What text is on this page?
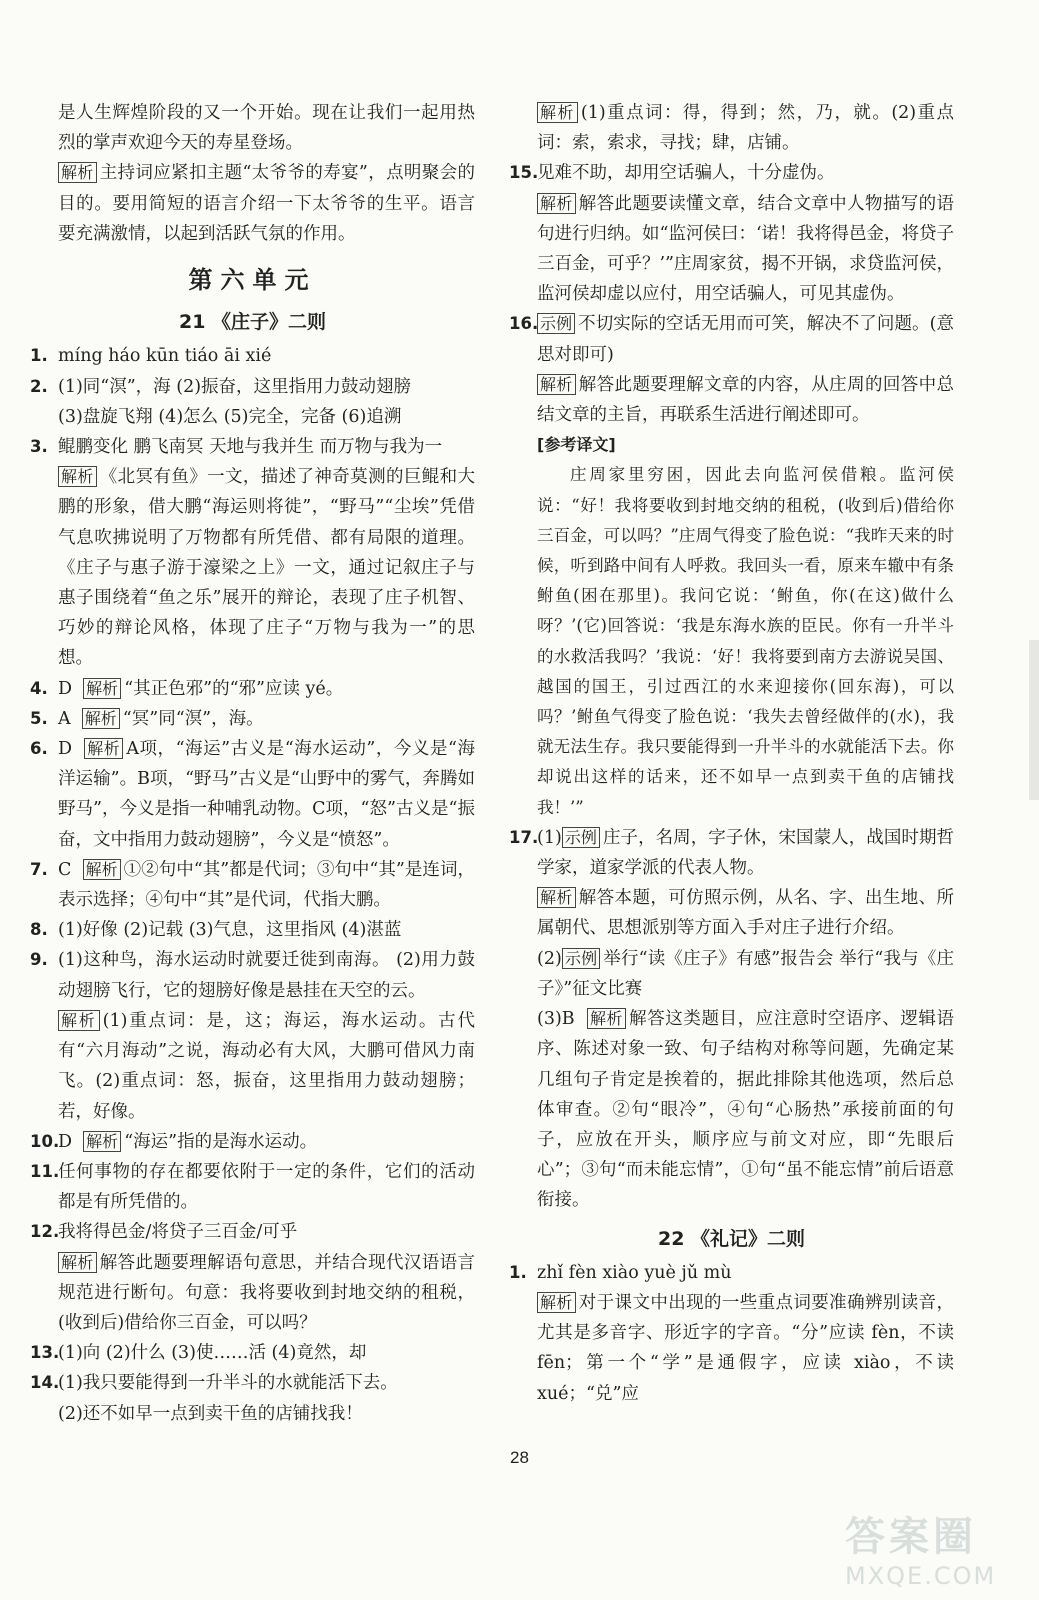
是人生辉煌阶段的又一个开始。现在让我们一起用热烈的掌声欢迎今天的寿星登场。

解析 主持词应紧扣主题“太爷爷的寿宴”，点明聚会的目的。要用简短的语言介绍一下太爷爷的生平。语言要充满激情，以起到活跃气氛的作用。

第六单元
21 《庄子》二则
1. míng háo kūn tiáo āi xié
2. (1)同“溟”，海 (2)振奋，这里指用力鼓动翅膀
(3)盘旋飞翔 (4)怎么 (5)完全，完备 (6)追溯
3. 鲲鹏变化 鹏飞南冥 天地与我并生 而万物与我为一
解析 《北冥有鱼》一文，描述了神奇莫测的巨鲲和大鹏的形象，借大鹏“海运则将徙”，“野马”“尘埃”凭借气息吹拂说明了万物都有所凭借、都有局限的道理。《庄子与惠子游于濠梁之上》一文，通过记叙庄子与惠子围绕着“鱼之乐”展开的辩论，表现了庄子机智、巧妙的辩论风格，体现了庄子“万物与我为一”的思想。
4. D 解析 “其正色邪”的“邪”应读 yé。
5. A 解析 “冥”同“溟”，海。
6. D 解析 A项，“海运”古义是“海水运动”，今义是“海洋运输”。B项，“野马”古义是“山野中的雾气，奔腾如野马”，今义是指一种哺乳动物。C项，“怒”古义是“振奋，文中指用力鼓动翅膀”，今义是“愤怒”。
7. C 解析 ①②句中“其”都是代词；③句中“其”是连词，表示选择；④句中“其”是代词，代指大鹏。
8. (1)好像 (2)记载 (3)气息，这里指风 (4)湛蓝
9. (1)这种鸟，海水运动时就要迁徙到南海。 (2)用力鼓动翅膀飞行，它的翅膀好像是悬挂在天空的云。
解析 (1)重点词：是，这；海运，海水运动。古代有“六月海动”之说，海动必有大风，大鹏可借风力南飞。(2)重点词：怒，振奋，这里指用力鼓动翅膀；若，好像。
10.
D 解析 “海运”指的是海水运动。
11.
任何事物的存在都要依附于一定的条件，它们的活动都是有所凭借的。
12.
我将得邑金/将贷子三百金/可乎
解析 解答此题要理解语句意思，并结合现代汉语语言规范进行断句。句意：我将要收到封地交纳的租税，(收到后)借给你三百金，可以吗？
13.
(1)向 (2)什么 (3)使……活 (4)竟然，却
14.
(1)我只要能得到一升半斗的水就能活下去。
(2)还不如早一点到卖干鱼的店铺找我！
解析 (1)重点词：得，得到；然，乃，就。(2)重点词：索，索求，寻找；肆，店铺。
15.
见难不助，却用空话骗人，十分虚伪。
解析 解答此题要读懂文章，结合文章中人物描写的语句进行归纳。如“监河侯曰：‘诺！我将得邑金，将贷子三百金，可乎？’”庄周家贫，揭不开锅，求贷监河侯，监河侯却虚以应付，用空话骗人，可见其虚伪。
16. 示例 不切实际的空话无用而可笑，解决不了问题。(意思对即可)
解析 解答此题要理解文章的内容，从庄周的回答中总结文章的主旨，再联系生活进行阐述即可。
[参考译文]

庄周家里穷困，因此去向监河侯借粮。监河侯说：“好！我将要收到封地交纳的租税，(收到后)借给你三百金，可以吗？”庄周气得变了脸色说：“我昨天来的时候，听到路中间有人呼救。我回头一看，原来车辙中有条鲋鱼(困在那里)。我问它说：‘鲋鱼，你(在这)做什么呀？’(它)回答说：‘我是东海水族的臣民。你有一升半斗的水救活我吗？’我说：‘好！我将要到南方去游说吴国、越国的国王，引过西江的水来迎接你(回东海)，可以吗？’鲋鱼气得变了脸色说：‘我失去曾经做伴的(水)，我就无法生存。我只要能得到一升半斗的水就能活下去。你却说出这样的话来，还不如早一点到卖干鱼的店铺找我！’”

17.
(1) 示例 庄子，名周，字子休，宋国蒙人，战国时期哲学家，道家学派的代表人物。
解析 解答本题，可仿照示例，从名、字、出生地、所属朝代、思想派别等方面入手对庄子进行介绍。
(2) 示例 举行“读《庄子》有感”报告会 举行“我与《庄子》”征文比赛
(3)B 解析 解答这类题目，应注意时空语序、逻辑语序、陈述对象一致、句子结构对称等问题，先确定某几组句子肯定是挨着的，据此排除其他选项，然后总体审查。②句“眼冷”，④句“心肠热”承接前面的句子，应放在开头，顺序应与前文对应，即“先眼后心”；③句“而未能忘情”，①句“虽不能忘情”前后语意衔接。
22 《礼记》二则
1. zhǐ fèn xiào yuè jǔ mù
解析 对于课文中出现的一些重点词要准确辨别读音，尤其是多音字、形近字的字音。“分”应读 fèn，不读 fēn；第一个“学”是通假字，应读 xiào，不读 xué；“兑”应
28
答案圈
MXQE.COM
